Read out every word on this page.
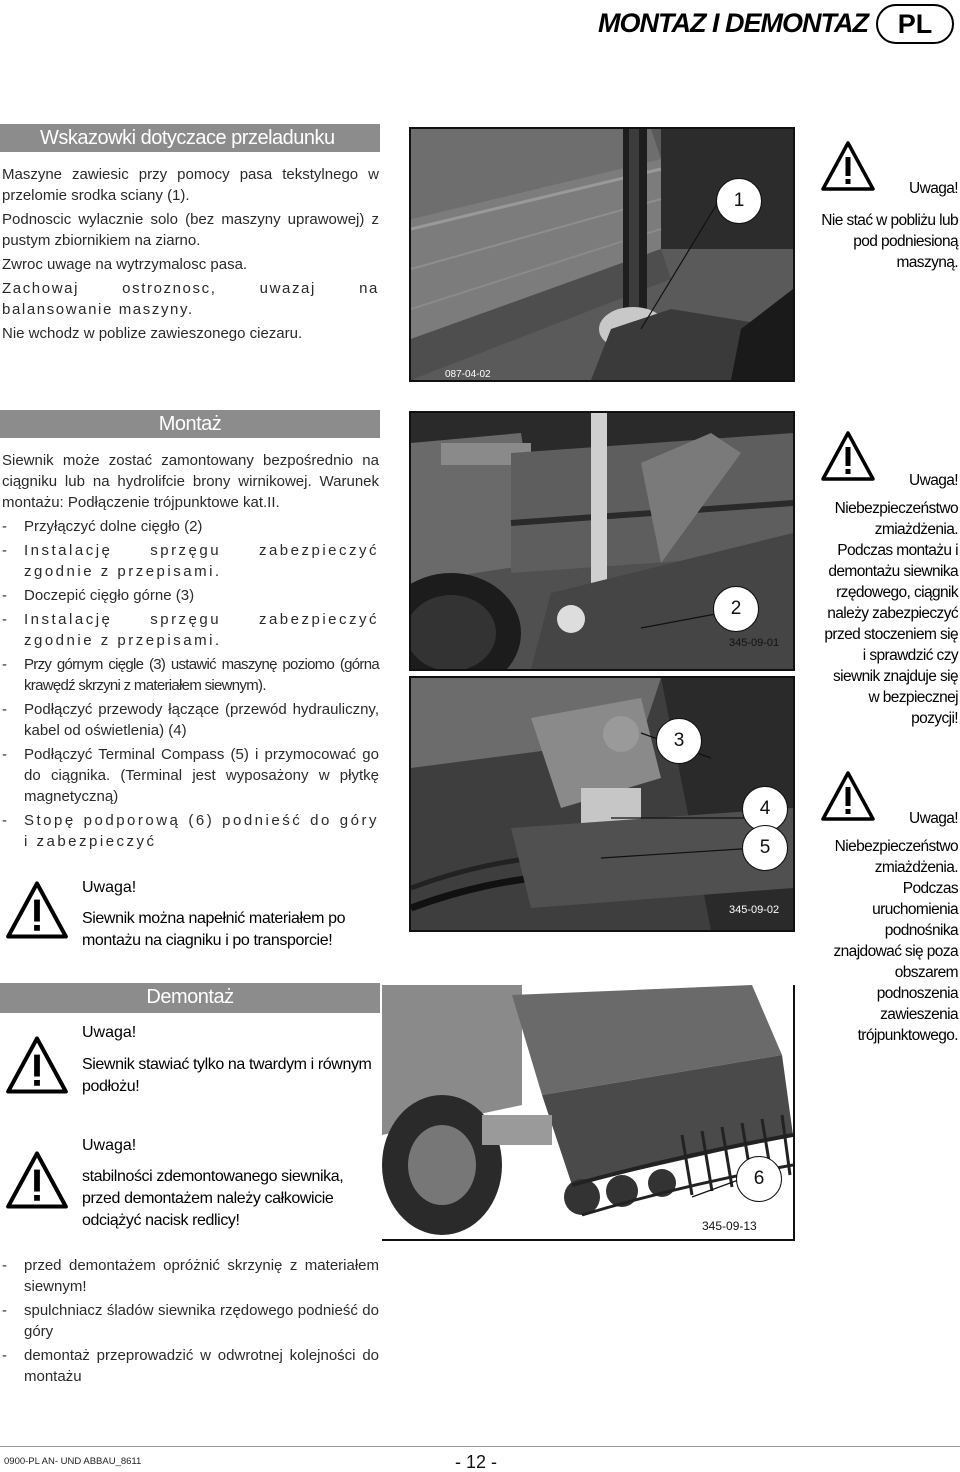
MONTAZ I DEMONTAZ	PL
Wskazowki dotyczace przeladunku
Maszyne zawiesic przy pomocy pasa tekstylnego w przelomie srodka sciany (1).
Podnoscic wylacznie solo (bez maszyny uprawowej) z pustym zbiornikiem na ziarno.
Zwroc uwage na wytrzymalosc pasa.
Zachowaj ostroznosc, uwazaj na balansowanie maszyny.
Nie wchodz w poblize zawieszonego ciezaru.
087-04-02
1
Uwaga!
Nie stać w pobliżu lub pod podniesioną maszyną.
Montaż
Siewnik może zostać zamontowany bezpośrednio na ciągniku lub na hydrolifcie brony wirnikowej. Warunek montażu: Podłączenie trójpunktowe kat.II.
- Przyłączyć dolne cięgło (2)
- Instalację sprzęgu zabezpieczyć zgodnie z przepisami.
- Doczepić cięgło górne (3)
- Instalację sprzęgu zabezpieczyć zgodnie z przepisami.
- Przy górnym cięgle (3) ustawić maszynę poziomo (górna krawędź skrzyni z materiałem siewnym).
- Podłączyć przewody łączące (przewód hydrauliczny, kabel od oświetlenia) (4)
- Podłączyć Terminal Compass (5) i przymocować go do ciągnika. (Terminal jest wyposażony w płytkę magnetyczną)
- Stopę podporową (6) podnieść do góry i zabezpieczyć
Uwaga!
Siewnik można napełnić materiałem po montażu na ciagniku i po transporcie!
345-09-01
345-09-02
2
3
4
5
Uwaga!
Niebezpieczeństwo zmiażdżenia. Podczas montażu i demontażu siewnika rzędowego, ciągnik należy zabezpieczyć przed stoczeniem się i sprawdzić czy siewnik znajduje się w bezpiecznej pozycji!
Uwaga!
Niebezpieczeństwo zmiażdżenia. Podczas uruchomienia podnośnika znajdować się poza obszarem podnoszenia zawieszenia trójpunktowego.
Demontaż
Uwaga!
Siewnik stawiać tylko na twardym i równym podłożu!
Uwaga!
stabilności zdemontowanego siewnika, przed demontażem należy całkowicie odciążyć nacisk redlicy!	345-09-13
6
- przed demontażem opróżnić skrzynię z materiałem siewnym!
- spulchniacz śladów siewnika rzędowego podnieść do góry
- demontaż przeprowadzić w odwrotnej kolejności do montażu
0900-PL AN- UND ABBAU_8611	- 12 -
